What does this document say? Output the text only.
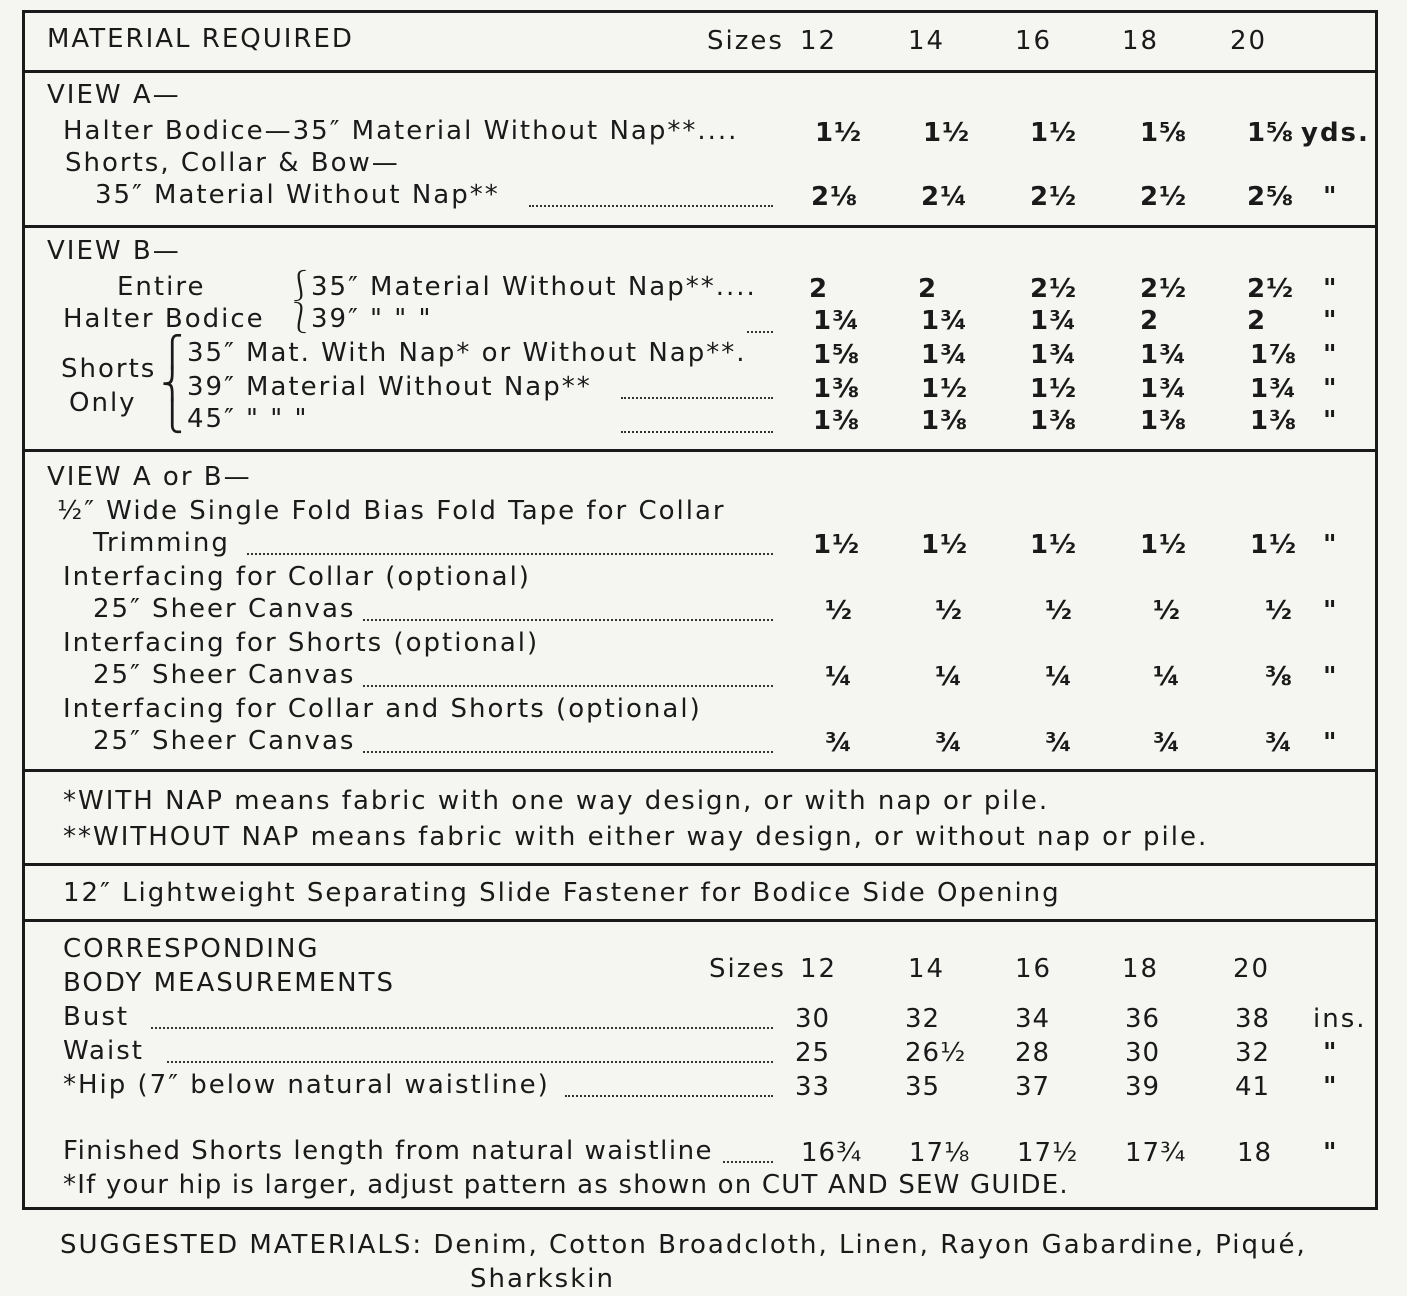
MATERIAL REQUIRED	Sizes 12	14	16	18	20
VIEW A—
Halter Bodice—35″ Material Without Nap**....	1½ 1½ 1½ 1⅝ 1⅝ yds.
Shorts, Collar & Bow—
35″ Material Without Nap**	2⅛ 2¼ 2½ 2½ 2⅝ "
VIEW B—
Entire
Halter Bodice
⎰
⎱
35″ Material Without Nap**.... 2	2	2½ 2½ 2½ "
39″ " " "	1¾ 1¾ 1¾ 2	2 "
Shorts
Only
⎧
⎨
⎩
35″ Mat. With Nap* or Without Nap**.	1⅝ 1¾ 1¾ 1¾ 1⅞ "
39″ Material Without Nap**	1⅜ 1½ 1½ 1¾ 1¾ "
45″ " " "	1⅜ 1⅜ 1⅜ 1⅜ 1⅜ "
VIEW A or B—
½″ Wide Single Fold Bias Fold Tape for Collar
Trimming	1½ 1½ 1½ 1½ 1½ "
Interfacing for Collar (optional)
25″ Sheer Canvas	½	½	½	½	½ "
Interfacing for Shorts (optional)
25″ Sheer Canvas	¼	¼	¼	¼	⅜ "
Interfacing for Collar and Shorts (optional)
25″ Sheer Canvas	¾	¾	¾	¾	¾ "
*WITH NAP means fabric with one way design, or with nap or pile.
**WITHOUT NAP means fabric with either way design, or without nap or pile.
12″ Lightweight Separating Slide Fastener for Bodice Side Opening
CORRESPONDING
BODY MEASUREMENTS	Sizes 12	14	16	18	20
Bust	30	32	34	36	38 ins.
Waist	25	26½ 28	30	32 "
*Hip (7″ below natural waistline)	33	35	37	39	41 "
Finished Shorts length from natural waistline	16¾ 17⅛ 17½ 17¾ 18 "
*If your hip is larger, adjust pattern as shown on CUT AND SEW GUIDE.
SUGGESTED MATERIALS: Denim, Cotton Broadcloth, Linen, Rayon Gabardine, Piqué,
Sharkskin
